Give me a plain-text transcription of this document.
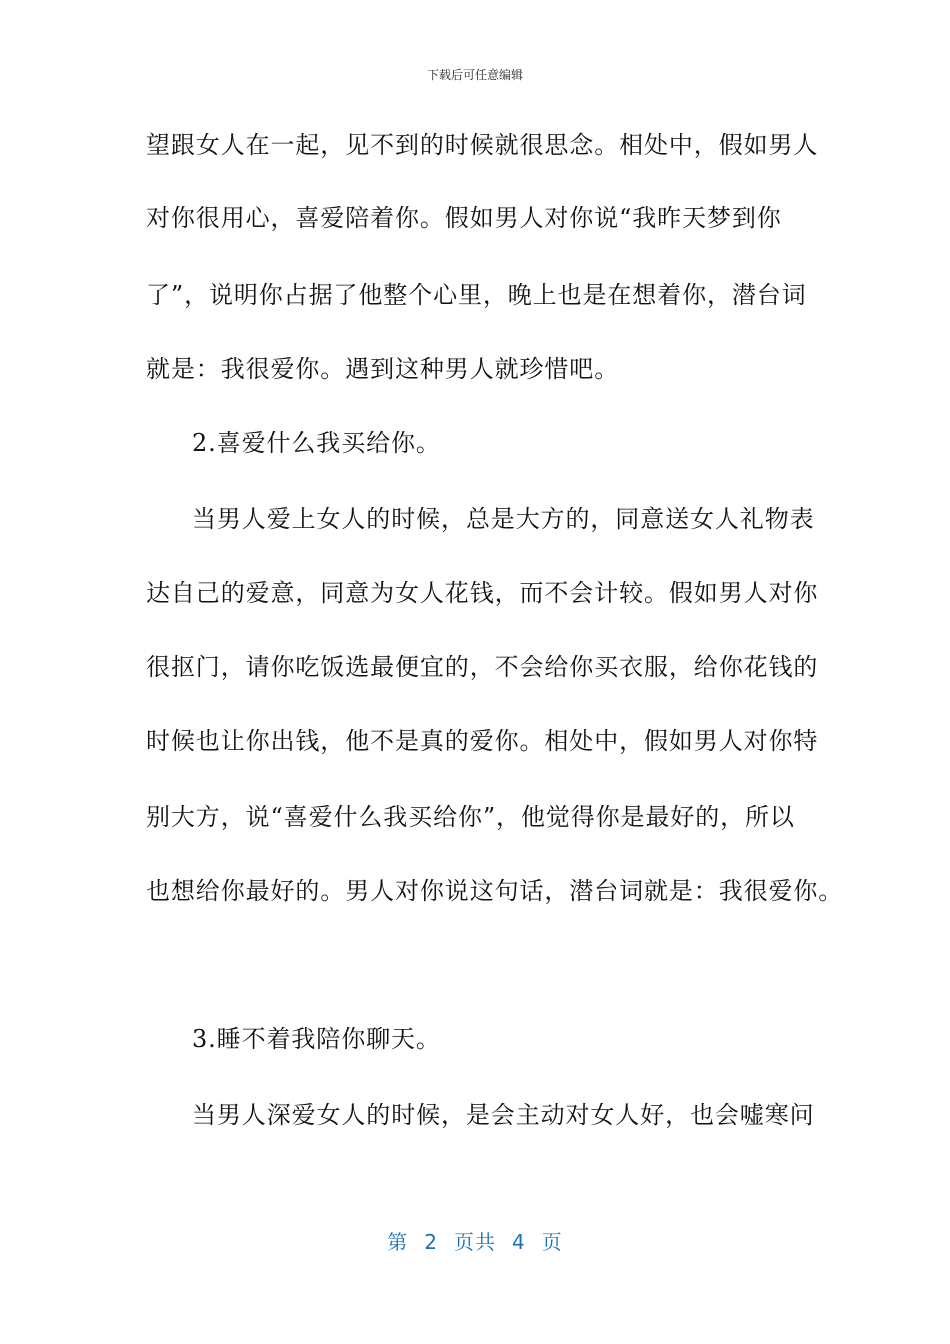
下载后可任意编辑
望跟女人在一起，见不到的时候就很思念。相处中，假如男人
对你很用心，喜爱陪着你。假如男人对你说“我昨天梦到你
了”，说明你占据了他整个心里，晚上也是在想着你，潜台词
就是：我很爱你。遇到这种男人就珍惜吧。
2.喜爱什么我买给你。
当男人爱上女人的时候，总是大方的，同意送女人礼物表
达自己的爱意，同意为女人花钱，而不会计较。假如男人对你
很抠门，请你吃饭选最便宜的，不会给你买衣服，给你花钱的
时候也让你出钱，他不是真的爱你。相处中，假如男人对你特
别大方，说“喜爱什么我买给你”，他觉得你是最好的，所以
也想给你最好的。男人对你说这句话，潜台词就是：我很爱你。
3.睡不着我陪你聊天。
当男人深爱女人的时候，是会主动对女人好，也会嘘寒问
第 2 页共 4 页
